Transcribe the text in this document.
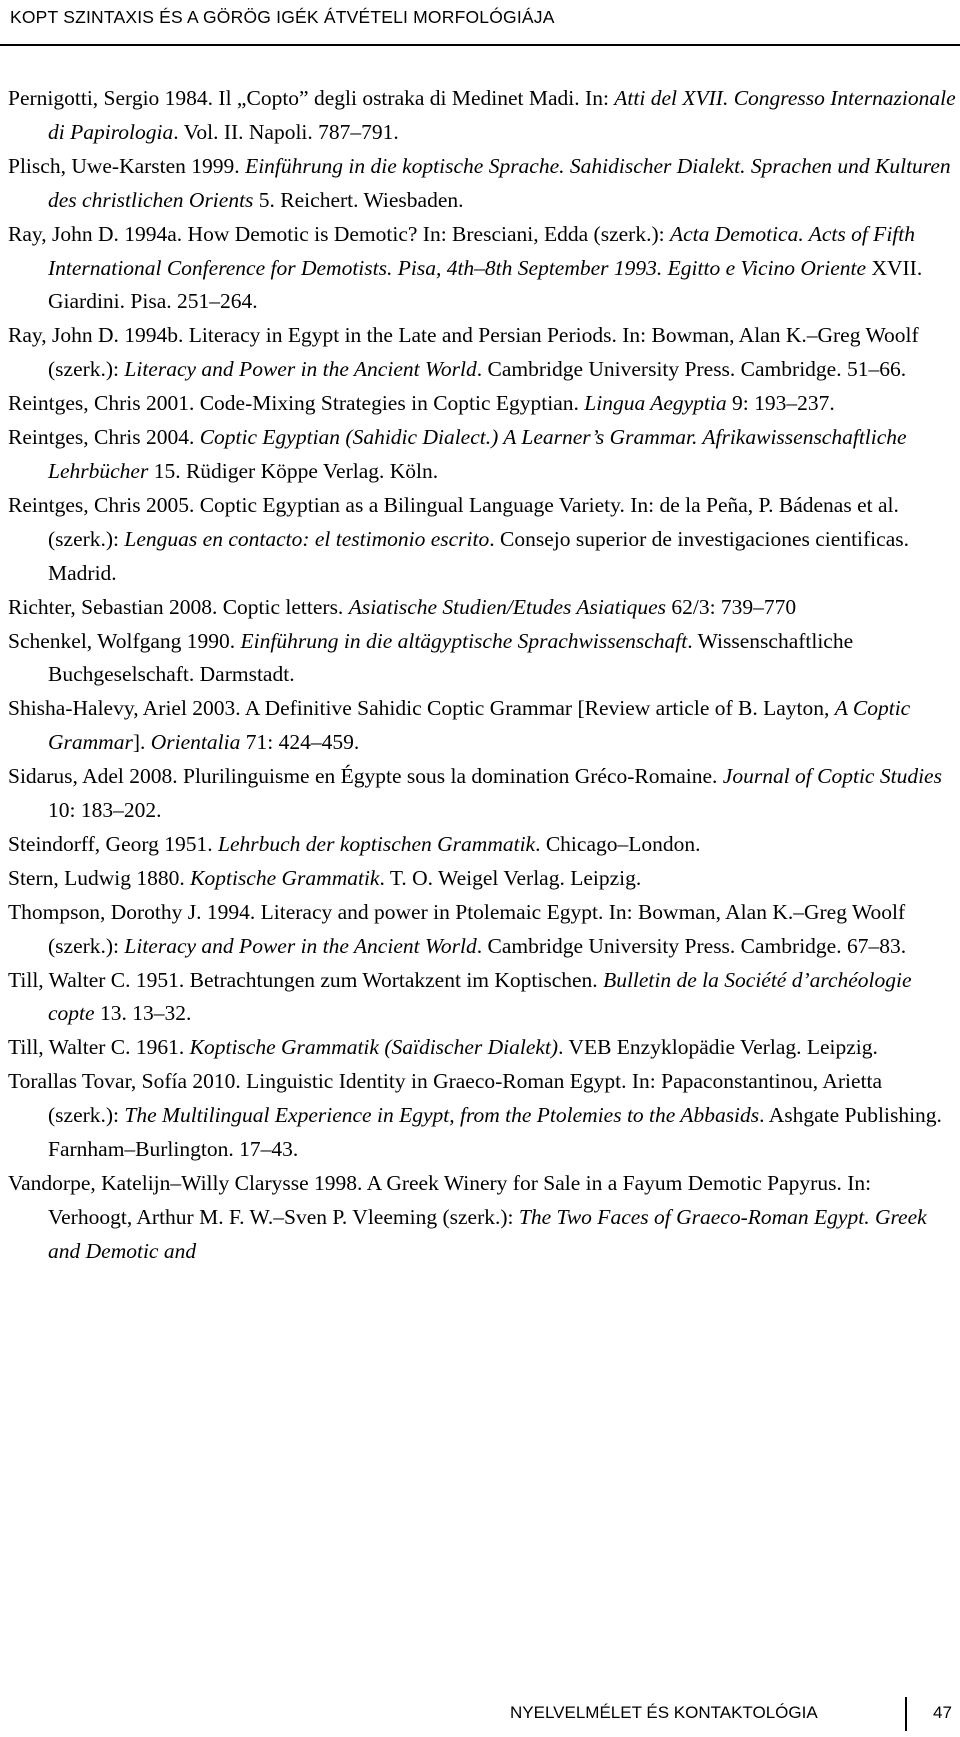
KOPT SZINTAXIS ÉS A GÖRÖG IGÉK ÁTVÉTELI MORFOLÓGIÁJA

Pernigotti, Sergio 1984. Il „Copto” degli ostraka di Medinet Madi. In: Atti del XVII. Congresso Internazionale di Papirologia. Vol. II. Napoli. 787–791.

Plisch, Uwe-Karsten 1999. Einführung in die koptische Sprache. Sahidischer Dialekt. Sprachen und Kulturen des christlichen Orients 5. Reichert. Wiesbaden.

Ray, John D. 1994a. How Demotic is Demotic? In: Bresciani, Edda (szerk.): Acta Demotica. Acts of Fifth International Conference for Demotists. Pisa, 4th–8th September 1993. Egitto e Vicino Oriente XVII. Giardini. Pisa. 251–264.

Ray, John D. 1994b. Literacy in Egypt in the Late and Persian Periods. In: Bowman, Alan K.–Greg Woolf (szerk.): Literacy and Power in the Ancient World. Cambridge University Press. Cambridge. 51–66.

Reintges, Chris 2001. Code-Mixing Strategies in Coptic Egyptian. Lingua Aegyptia 9: 193–237.

Reintges, Chris 2004. Coptic Egyptian (Sahidic Dialect.) A Learner’s Grammar. Afrikawissenschaftliche Lehrbücher 15. Rüdiger Köppe Verlag. Köln.

Reintges, Chris 2005. Coptic Egyptian as a Bilingual Language Variety. In: de la Peña, P. Bádenas et al. (szerk.): Lenguas en contacto: el testimonio escrito. Consejo superior de investigaciones cientificas. Madrid.

Richter, Sebastian 2008. Coptic letters. Asiatische Studien/Etudes Asiatiques 62/3: 739–770

Schenkel, Wolfgang 1990. Einführung in die altägyptische Sprachwissenschaft. Wissenschaftliche Buchgeselschaft. Darmstadt.

Shisha-Halevy, Ariel 2003. A Definitive Sahidic Coptic Grammar [Review article of B. Layton, A Coptic Grammar]. Orientalia 71: 424–459.

Sidarus, Adel 2008. Plurilinguisme en Égypte sous la domination Gréco-Romaine. Journal of Coptic Studies 10: 183–202.

Steindorff, Georg 1951. Lehrbuch der koptischen Grammatik. Chicago–London.

Stern, Ludwig 1880. Koptische Grammatik. T. O. Weigel Verlag. Leipzig.

Thompson, Dorothy J. 1994. Literacy and power in Ptolemaic Egypt. In: Bowman, Alan K.–Greg Woolf (szerk.): Literacy and Power in the Ancient World. Cambridge University Press. Cambridge. 67–83.

Till, Walter C. 1951. Betrachtungen zum Wortakzent im Koptischen. Bulletin de la Société d’archéologie copte 13. 13–32.

Till, Walter C. 1961. Koptische Grammatik (Saïdischer Dialekt). VEB Enzyklopädie Verlag. Leipzig.

Torallas Tovar, Sofía 2010. Linguistic Identity in Graeco-Roman Egypt. In: Papaconstantinou, Arietta (szerk.): The Multilingual Experience in Egypt, from the Ptolemies to the Abbasids. Ashgate Publishing. Farnham–Burlington. 17–43.

Vandorpe, Katelijn–Willy Clarysse 1998. A Greek Winery for Sale in a Fayum Demotic Papyrus. In: Verhoogt, Arthur M. F. W.–Sven P. Vleeming (szerk.): The Two Faces of Graeco-Roman Egypt. Greek and Demotic and

NYELVELMÉLET ÉS KONTAKTOLÓGIA	47
